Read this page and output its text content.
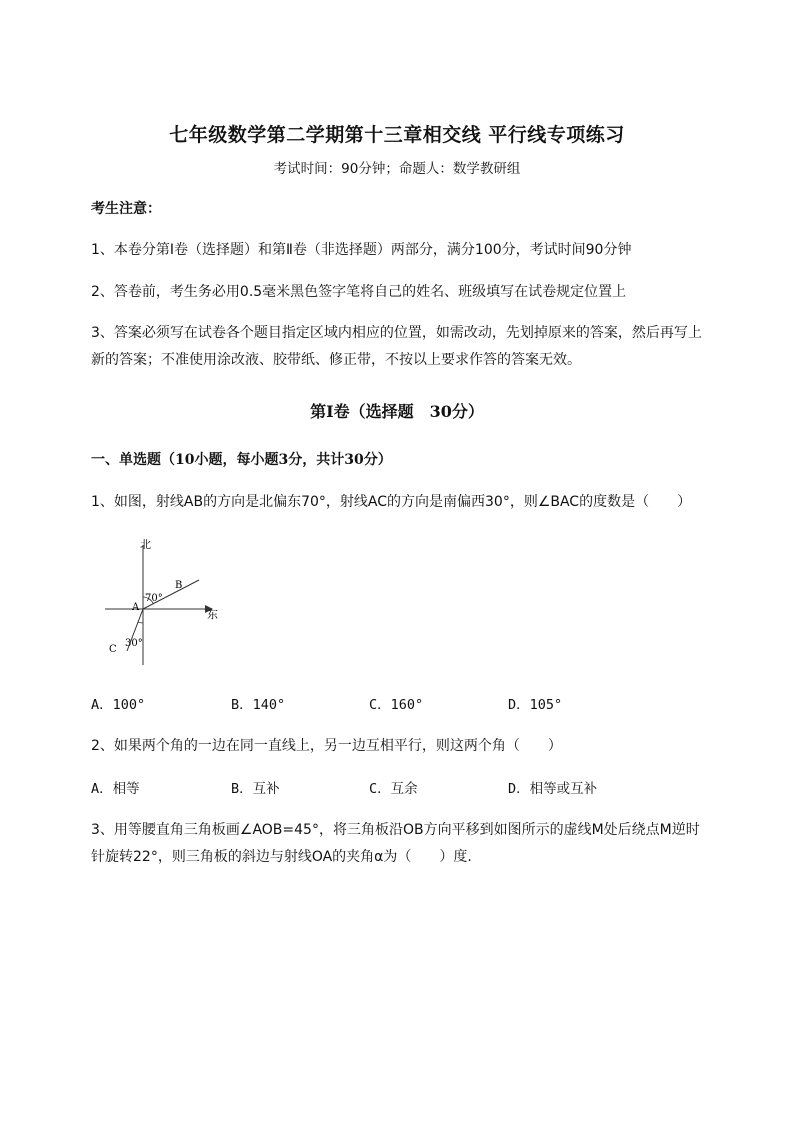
七年级数学第二学期第十三章相交线 平行线专项练习
考试时间：90分钟；命题人：数学教研组
考生注意：
1、本卷分第I卷（选择题）和第Ⅱ卷（非选择题）两部分，满分100分，考试时间90分钟
2、答卷前，考生务必用0.5毫米黑色签字笔将自己的姓名、班级填写在试卷规定位置上
3、答案必须写在试卷各个题目指定区域内相应的位置，如需改动，先划掉原来的答案，然后再写上新的答案；不准使用涂改液、胶带纸、修正带，不按以上要求作答的答案无效。
第I卷（选择题　30分）
一、单选题（10小题，每小题3分，共计30分）
1、如图，射线AB的方向是北偏东70°，射线AC的方向是南偏西30°，则∠BAC的度数是（　　）
北
东
A
B
C
70°
30°
A．100°	B．140°	C．160°	D．105°
2、如果两个角的一边在同一直线上，另一边互相平行，则这两个角（　　）
A．相等	B．互补	C．互余	D．相等或互补
3、用等腰直角三角板画∠AOB=45°，将三角板沿OB方向平移到如图所示的虚线M处后绕点M逆时
针旋转22°，则三角板的斜边与射线OA的夹角α为（　　）度.
